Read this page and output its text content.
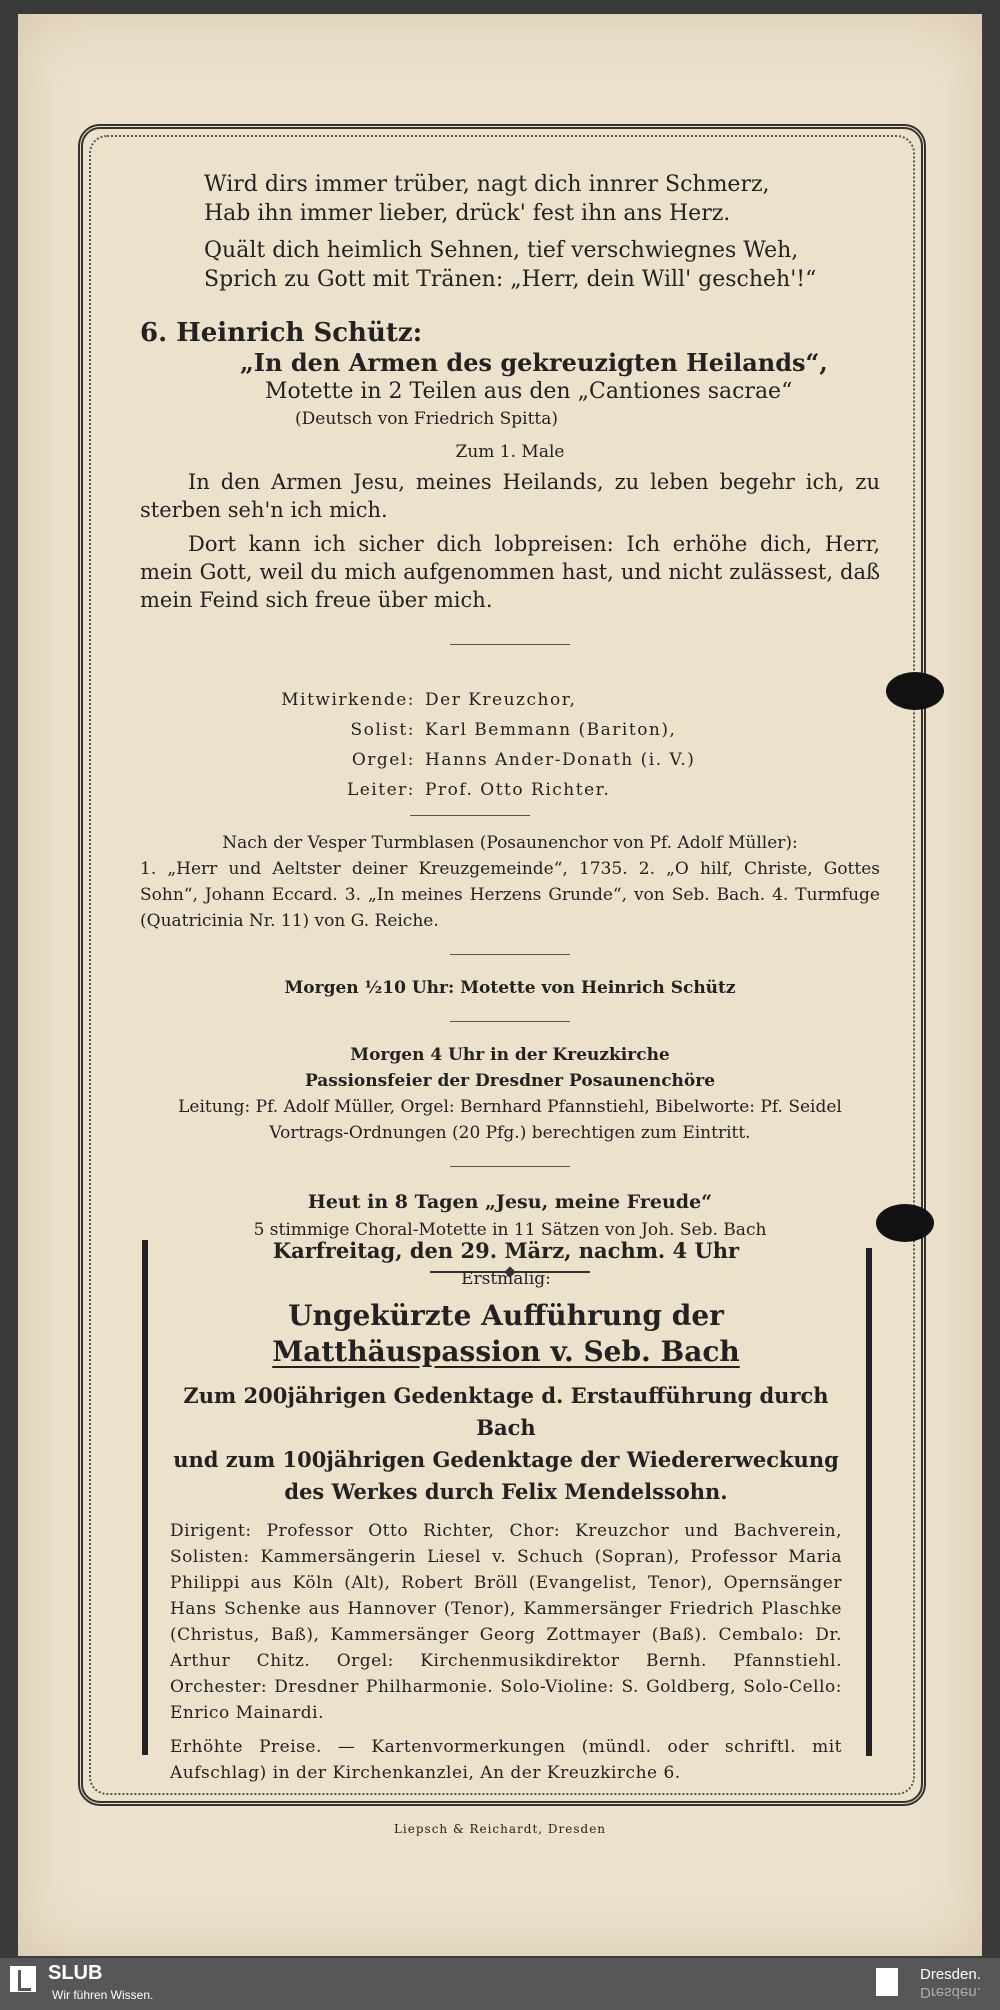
Wird dirs immer trüber, nagt dich innrer Schmerz,

Hab ihn immer lieber, drück' fest ihn ans Herz.

Quält dich heimlich Sehnen, tief verschwiegnes Weh,

Sprich zu Gott mit Tränen: „Herr, dein Will' gescheh'!“

6. Heinrich Schütz:
„In den Armen des gekreuzigten Heilands“,
Motette in 2 Teilen aus den „Cantiones sacrae“
(Deutsch von Friedrich Spitta)
Zum 1. Male

In den Armen Jesu, meines Heilands, zu leben begehr ich, zu sterben seh'n ich mich.

Dort kann ich sicher dich lobpreisen: Ich erhöhe dich, Herr, mein Gott, weil du mich aufgenommen hast, und nicht zulässest, daß mein Feind sich freue über mich.

Mitwirkende: Der Kreuzchor,
Solist: Karl Bemmann (Bariton),
Orgel: Hanns Ander-Donath (i. V.)
Leiter: Prof. Otto Richter.
Nach der Vesper Turmblasen (Posaunenchor von Pf. Adolf Müller):
1. „Herr und Aeltster deiner Kreuzgemeinde“, 1735. 2. „O hilf, Christe, Gottes Sohn“, Johann Eccard. 3. „In meines Herzens Grunde“, von Seb. Bach. 4. Turmfuge (Quatricinia Nr. 11) von G. Reiche.
Morgen ½10 Uhr: Motette von Heinrich Schütz
Morgen 4 Uhr in der Kreuzkirche
Passionsfeier der Dresdner Posaunenchöre
Leitung: Pf. Adolf Müller, Orgel: Bernhard Pfannstiehl, Bibelworte: Pf. Seidel
Vortrags-Ordnungen (20 Pfg.) berechtigen zum Eintritt.
Heut in 8 Tagen „Jesu, meine Freude“
5 stimmige Choral-Motette in 11 Sätzen von Joh. Seb. Bach
Karfreitag, den 29. März, nachm. 4 Uhr
Erstmalig:
Ungekürzte Aufführung der
Matthäuspassion v. Seb. Bach
Zum 200jährigen Gedenktage d. Erstaufführung durch Bach
und zum 100jährigen Gedenktage der Wiedererweckung
des Werkes durch Felix Mendelssohn.
Dirigent: Professor Otto Richter, Chor: Kreuzchor und Bachverein, Solisten: Kammersängerin Liesel v. Schuch (Sopran), Professor Maria Philippi aus Köln (Alt), Robert Bröll (Evangelist, Tenor), Opernsänger Hans Schenke aus Hannover (Tenor), Kammersänger Friedrich Plaschke (Christus, Baß), Kammersänger Georg Zottmayer (Baß). Cembalo: Dr. Arthur Chitz. Orgel: Kirchenmusikdirektor Bernh. Pfannstiehl. Orchester: Dresdner Philharmonie. Solo-Violine: S. Goldberg, Solo-Cello: Enrico Mainardi.
Erhöhte Preise. — Kartenvormerkungen (mündl. oder schriftl. mit Aufschlag) in der Kirchenkanzlei, An der Kreuzkirche 6.
Liepsch & Reichardt, Dresden
SLUB
Wir führen Wissen.
Dresden.
Dresden.
